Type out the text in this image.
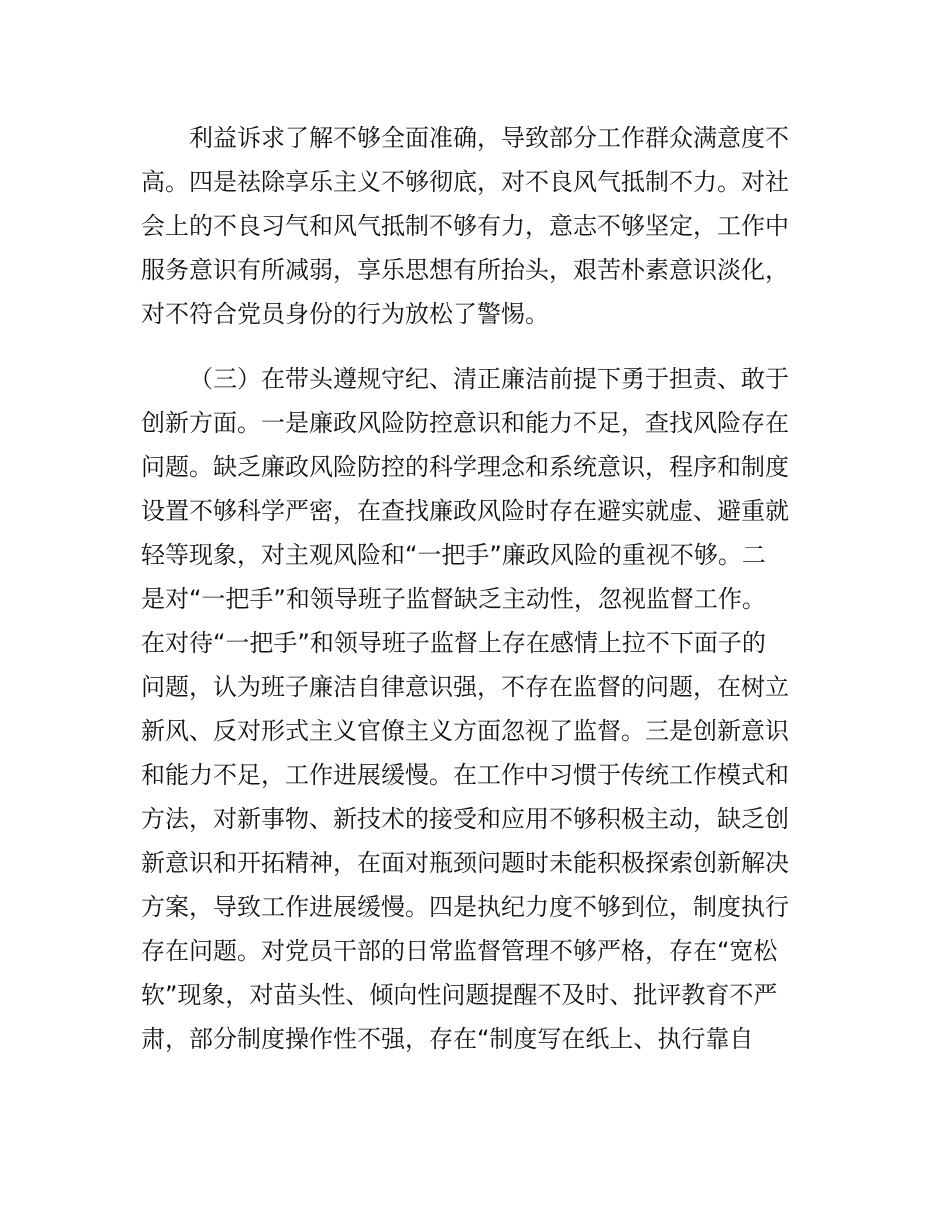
利益诉求了解不够全面准确，导致部分工作群众满意度不
高。四是祛除享乐主义不够彻底，对不良风气抵制不力。对社
会上的不良习气和风气抵制不够有力，意志不够坚定，工作中
服务意识有所减弱，享乐思想有所抬头，艰苦朴素意识淡化，
对不符合党员身份的行为放松了警惕。
（三）在带头遵规守纪、清正廉洁前提下勇于担责、敢于
创新方面。一是廉政风险防控意识和能力不足，查找风险存在
问题。缺乏廉政风险防控的科学理念和系统意识，程序和制度
设置不够科学严密，在查找廉政风险时存在避实就虚、避重就
轻等现象，对主观风险和“一把手”廉政风险的重视不够。二
是对“一把手”和领导班子监督缺乏主动性，忽视监督工作。
在对待“一把手”和领导班子监督上存在感情上拉不下面子的
问题，认为班子廉洁自律意识强，不存在监督的问题，在树立
新风、反对形式主义官僚主义方面忽视了监督。三是创新意识
和能力不足，工作进展缓慢。在工作中习惯于传统工作模式和
方法，对新事物、新技术的接受和应用不够积极主动，缺乏创
新意识和开拓精神，在面对瓶颈问题时未能积极探索创新解决
方案，导致工作进展缓慢。四是执纪力度不够到位，制度执行
存在问题。对党员干部的日常监督管理不够严格，存在“宽松
软”现象，对苗头性、倾向性问题提醒不及时、批评教育不严
肃，部分制度操作性不强，存在“制度写在纸上、执行靠自
